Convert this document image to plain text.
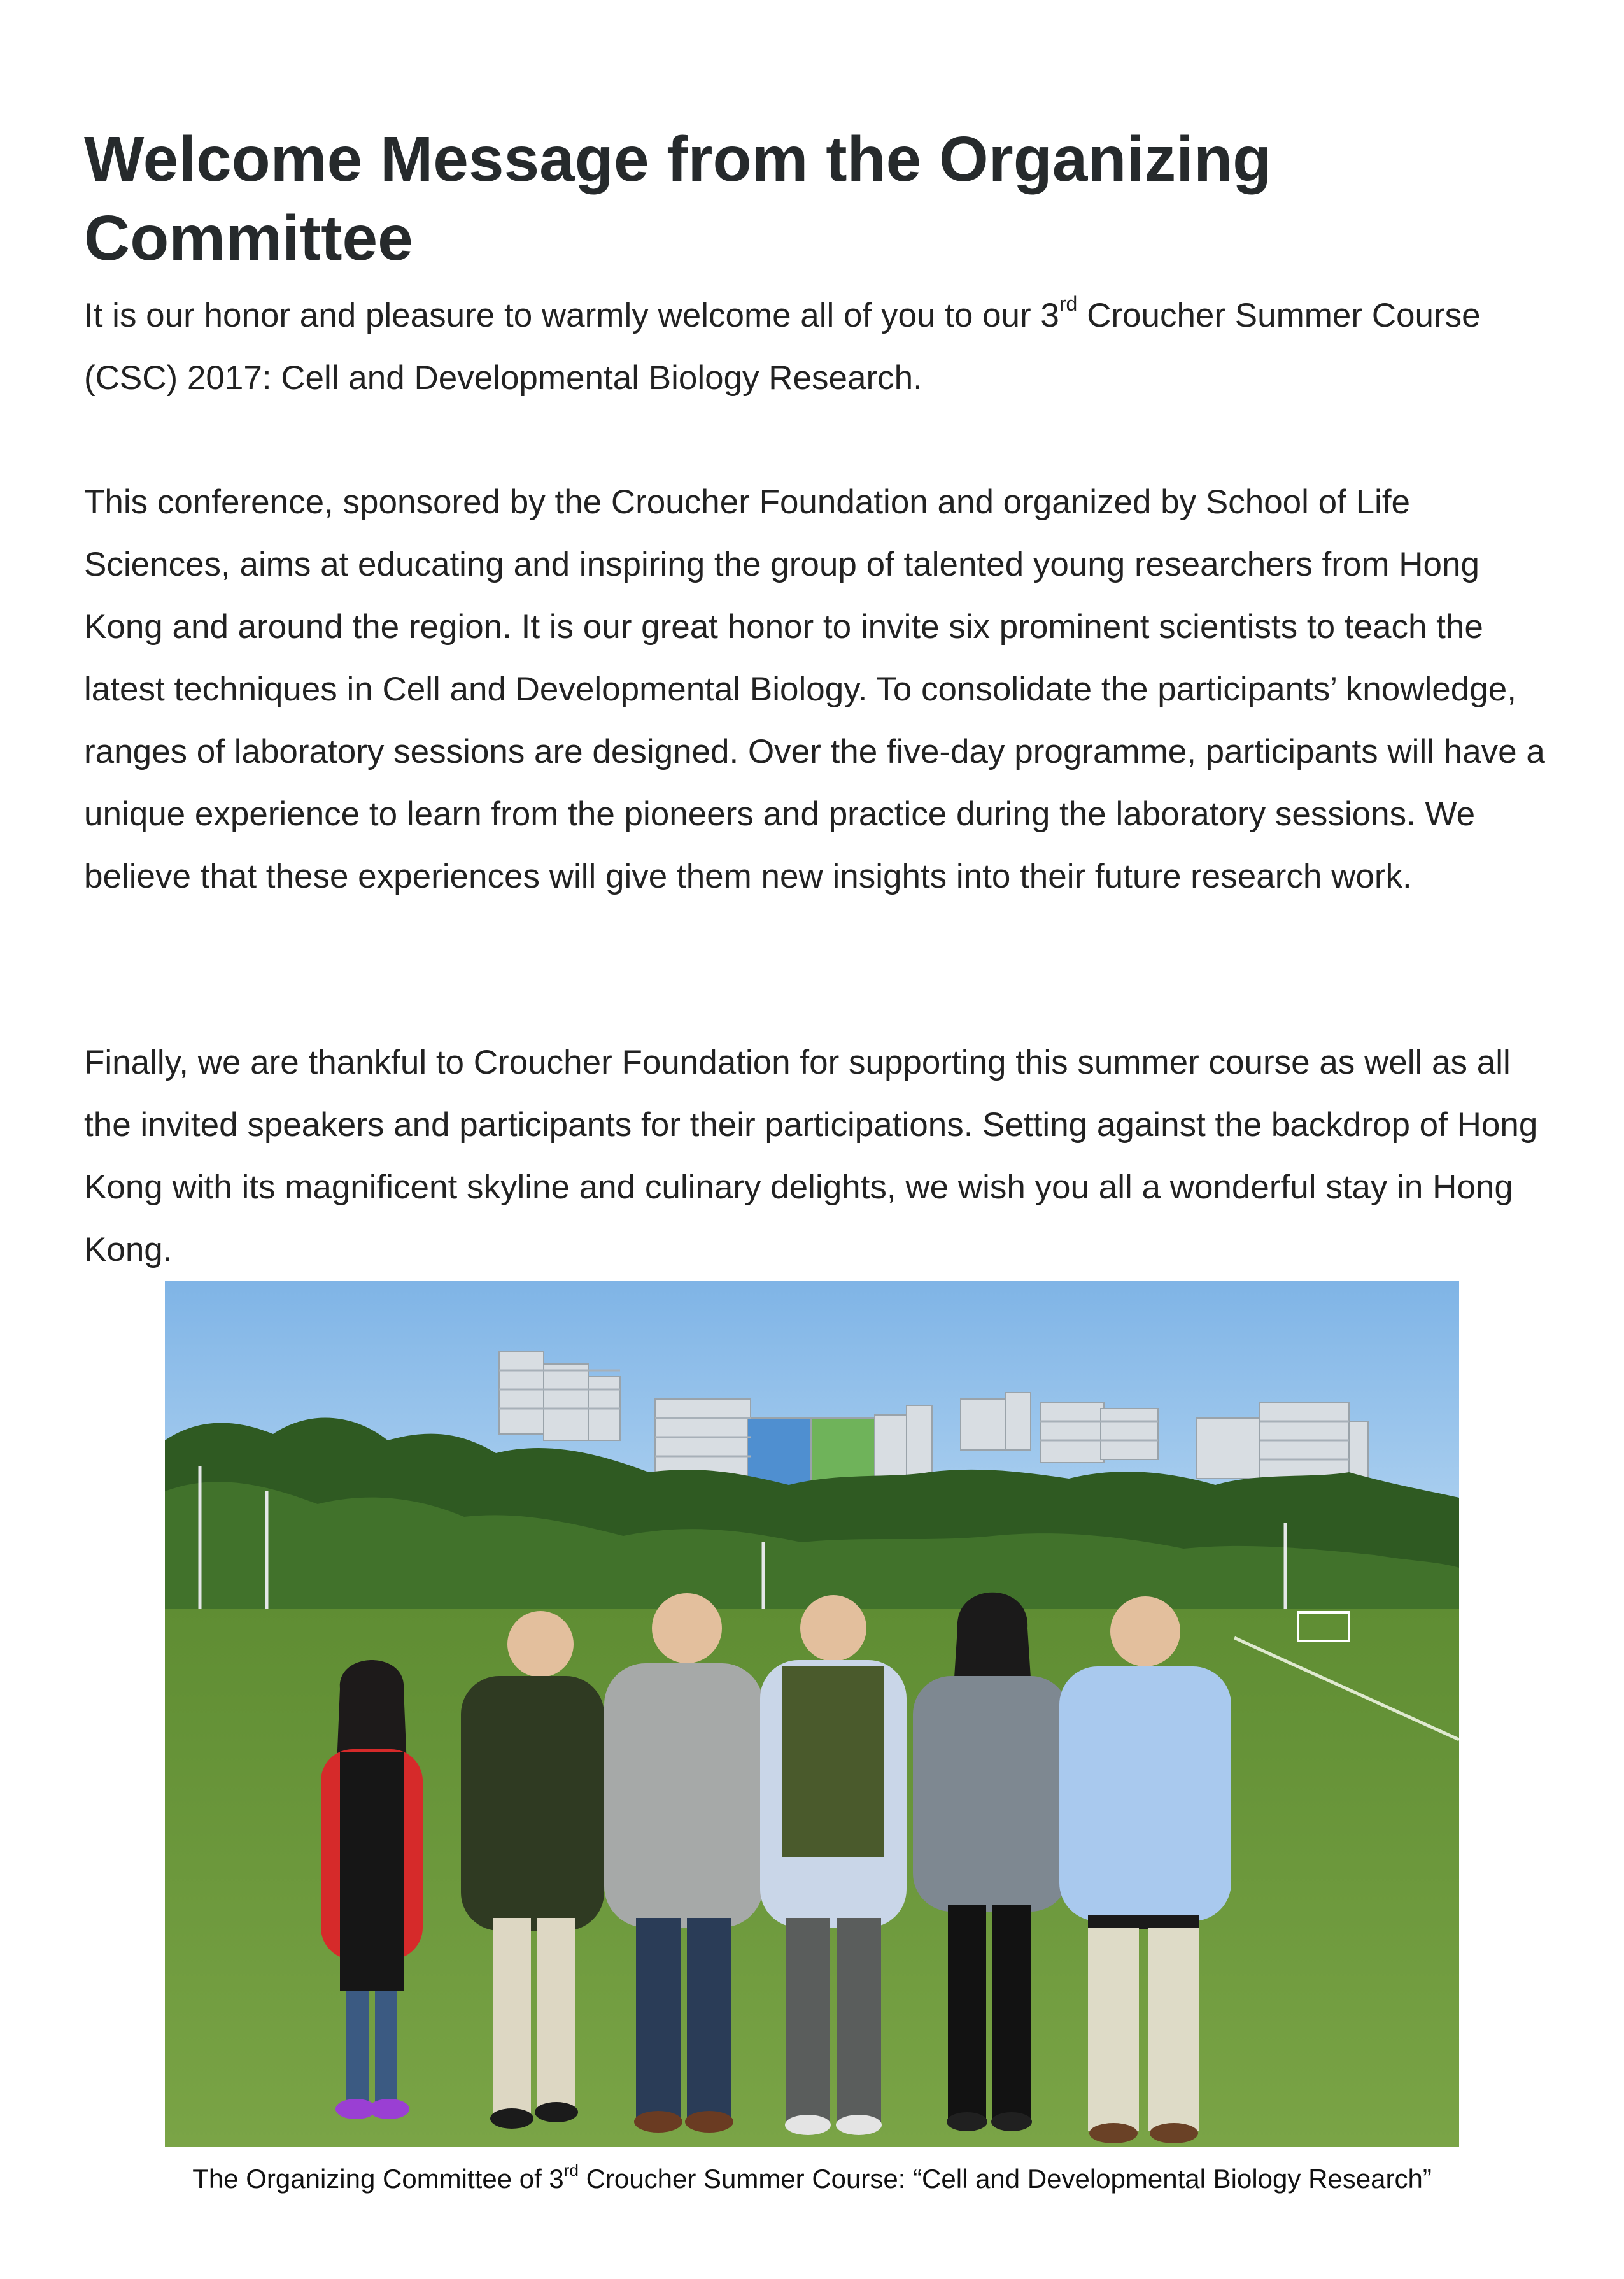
Welcome Message from the Organizing Committee

It is our honor and pleasure to warmly welcome all of you to our 3rd Croucher Summer Course (CSC) 2017: Cell and Developmental Biology Research.

This conference, sponsored by the Croucher Foundation and organized by School of Life Sciences, aims at educating and inspiring the group of talented young researchers from Hong Kong and around the region. It is our great honor to invite six prominent scientists to teach the latest techniques in Cell and Developmental Biology. To consolidate the participants’ knowledge, ranges of laboratory sessions are designed. Over the five-day programme, participants will have a unique experience to learn from the pioneers and practice during the laboratory sessions. We believe that these experiences will give them new insights into their future research work.

Finally, we are thankful to Croucher Foundation for supporting this summer course as well as all the invited speakers and participants for their participations. Setting against the backdrop of Hong Kong with its magnificent skyline and culinary delights, we wish you all a wonderful stay in Hong Kong.

The Organizing Committee of 3rd Croucher Summer Course: “Cell and Developmental Biology Research”
